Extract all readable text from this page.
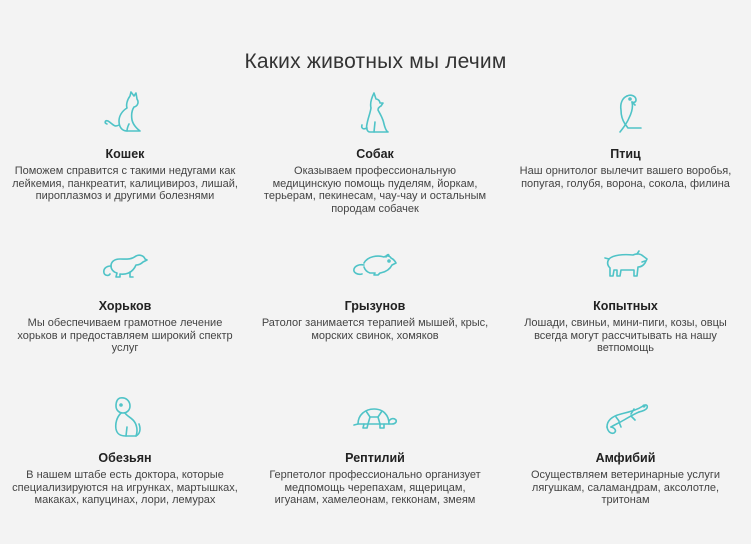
Каких животных мы лечим
Кошек
Поможем справится с такими недугами как лейкемия, панкреатит, калицивироз, лишай, пироплазмоз и другими болезнями
Собак
Оказываем профессиональную медицинскую помощь пуделям, йоркам, терьерам, пекинесам, чау-чау и остальным породам собачек
Птиц
Наш орнитолог вылечит вашего воробья, попугая, голубя, ворона, сокола, филина
Хорьков
Мы обеспечиваем грамотное лечение хорьков и предоставляем широкий спектр услуг
Грызунов
Ратолог занимается терапией мышей, крыс, морских свинок, хомяков
Копытных
Лошади, свиньи, мини-пиги, козы, овцы всегда могут рассчитывать на нашу ветпомощь
Обезьян
В нашем штабе есть доктора, которые специализируются на игрунках, мартышках, макаках, капуцинах, лори, лемурах
Рептилий
Герпетолог профессионально организует медпомощь черепахам, ящерицам, игуанам, хамелеонам, гекконам, змеям
Амфибий
Осуществляем ветеринарные услуги лягушкам, саламандрам, аксолотле, тритонам
